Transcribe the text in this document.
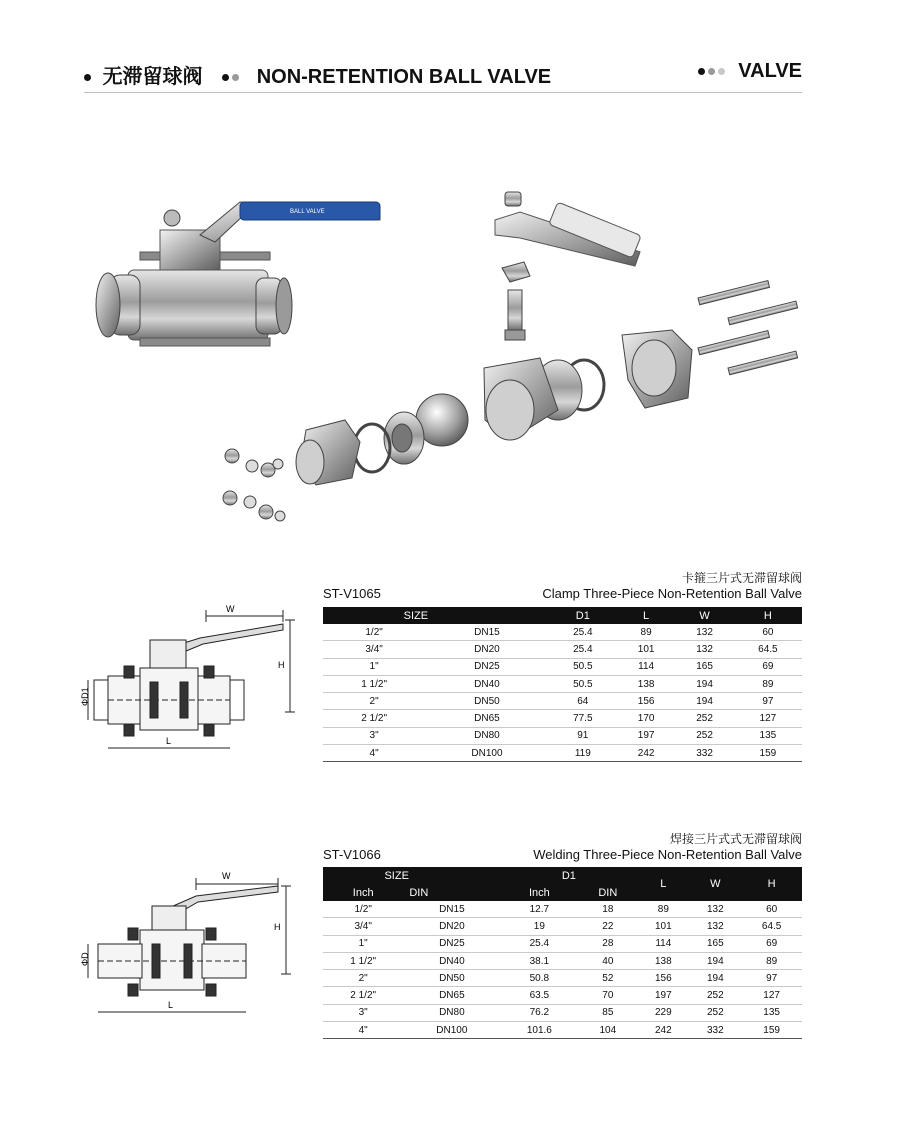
无滞留球阀	NON-RETENTION BALL VALVE	VALVE
BALL VALVE
卡箍三片式无滞留球阀
ST-V1065	Clamp Three-Piece Non-Retention Ball Valve
W
H
ΦD1
L
SIZE		D1	L	W	H
1/2"	DN15	25.4	89	132	60
3/4"	DN20	25.4	101	132	64.5
1"	DN25	50.5	114	165	69
1 1/2"	DN40	50.5	138	194	89
2"	DN50	64	156	194	97
2 1/2"	DN65	77.5	170	252	127
3"	DN80	91	197	252	135
4"	DN100	119	242	332	159
焊接三片式式无滞留球阀
ST-V1066	Welding Three-Piece Non-Retention Ball Valve
W
H
ΦD
L
SIZE		D1		L	W	H
Inch	DIN	Inch	DIN			
1/2"	DN15	12.7	18	89	132	60
3/4"	DN20	19	22	101	132	64.5
1"	DN25	25.4	28	114	165	69
1 1/2"	DN40	38.1	40	138	194	89
2"	DN50	50.8	52	156	194	97
2 1/2"	DN65	63.5	70	197	252	127
3"	DN80	76.2	85	229	252	135
4"	DN100	101.6	104	242	332	159
